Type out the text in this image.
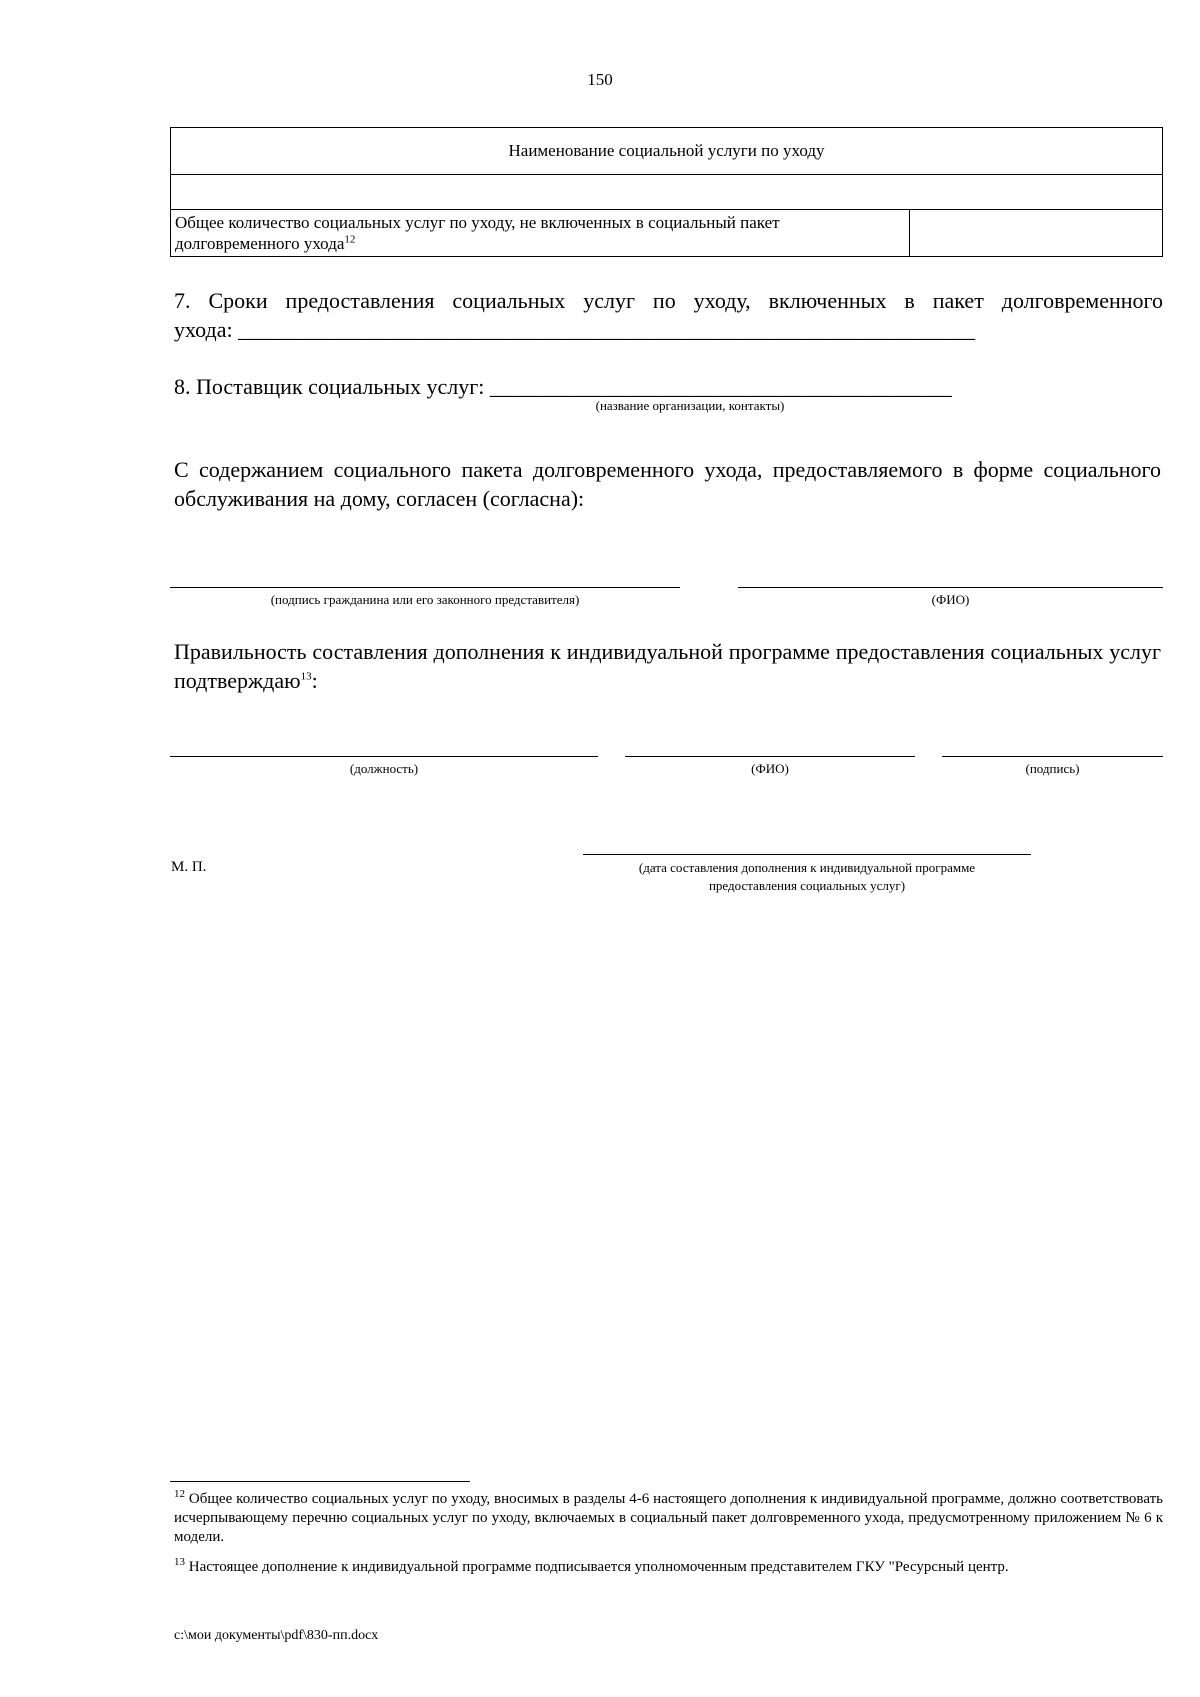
150
Наименование социальной услуги по уходу

Общее количество социальных услуг по уходу, не включенных в социальный пакет долговременного ухода$^{12}$	
7. Сроки предоставления социальных услуг по уходу, включенных в пакет долговременного
ухода: ___________________________________________________________________
8. Поставщик социальных услуг: __________________________________________
(название организации, контакты)
С содержанием социального пакета долговременного ухода, предоставляемого в форме социального обслуживания на дому, согласен (согласна):
(подпись гражданина или его законного представителя)	(ФИО)
Правильность составления дополнения к индивидуальной программе предоставления социальных услуг подтверждаю$^{13}$:
(должность)	(ФИО)	(подпись)
М. П.	(дата составления дополнения к индивидуальной программе
предоставления социальных услуг)
$^{12}$ Общее количество социальных услуг по уходу, вносимых в разделы 4-6 настоящего дополнения к индивидуальной программе, должно соответствовать исчерпывающему перечню социальных услуг по уходу, включаемых в социальный пакет долговременного ухода, предусмотренному приложением № 6 к модели.
$^{13}$ Настоящее дополнение к индивидуальной программе подписывается уполномоченным представителем ГКУ "Ресурсный центр.
c:\мои документы\pdf\830-пп.docx
